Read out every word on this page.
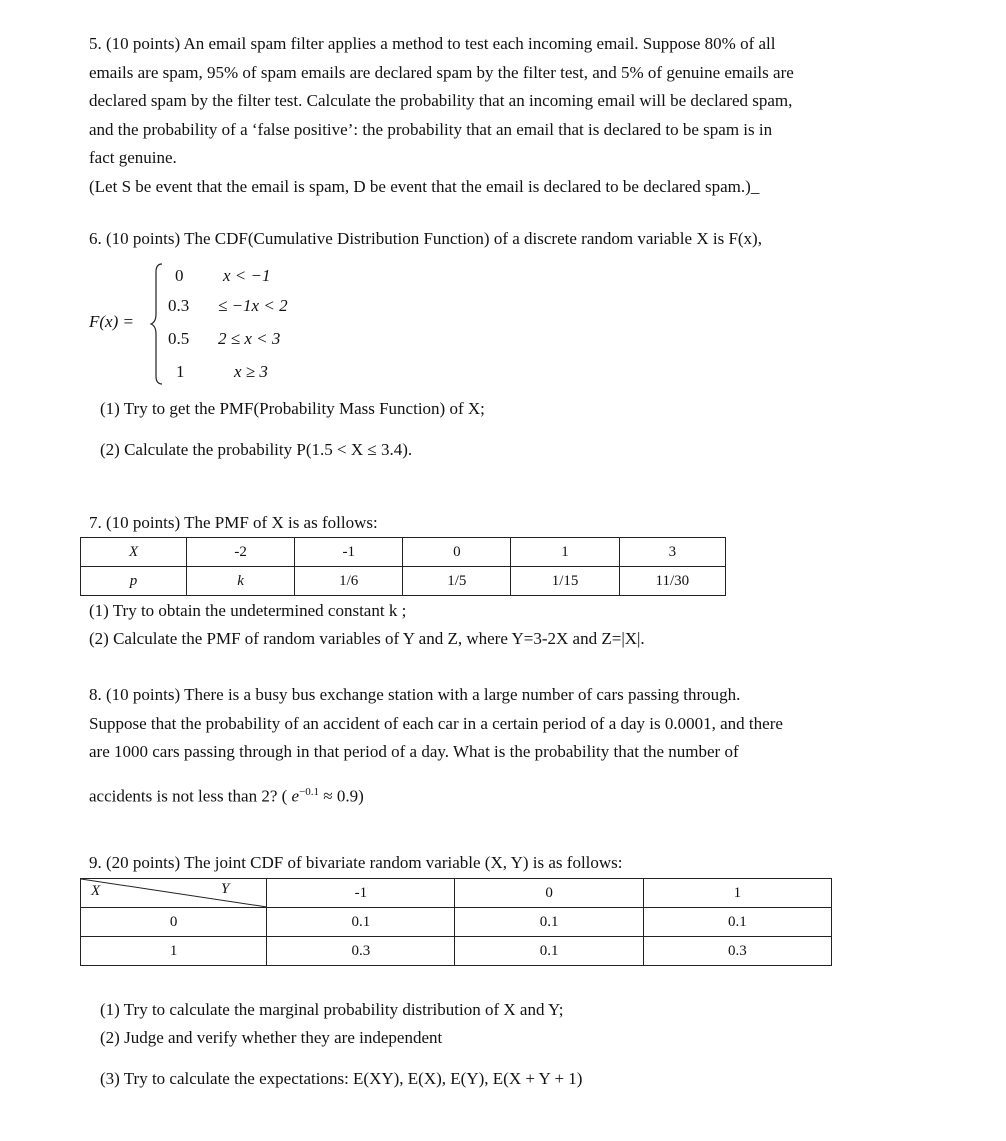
5. (10 points) An email spam filter applies a method to test each incoming email. Suppose 80% of all
emails are spam, 95% of spam emails are declared spam by the filter test, and 5% of genuine emails are
declared spam by the filter test. Calculate the probability that an incoming email will be declared spam,
and the probability of a ‘false positive’: the probability that an email that is declared to be spam is in
fact genuine.
(Let S be event that the email is spam, D be event that the email is declared to be declared spam.)_
6. (10 points) The CDF(Cumulative Distribution Function) of a discrete random variable X is F(x),
F(x) =
0 x < −1
0.3 ≤ −1x < 2
0.5 2 ≤ x < 3
1	x ≥ 3
(1) Try to get the PMF(Probability Mass Function) of X;
(2) Calculate the probability P(1.5 < X ≤ 3.4).
7. (10 points) The PMF of X is as follows:
X	-2	-1	0	1	3
p	k	1/6	1/5	1/15	11/30
(1) Try to obtain the undetermined constant k ;
(2) Calculate the PMF of random variables of Y and Z, where Y=3-2X and Z=|X|.
8. (10 points) There is a busy bus exchange station with a large number of cars passing through.
Suppose that the probability of an accident of each car in a certain period of a day is 0.0001, and there
are 1000 cars passing through in that period of a day. What is the probability that the number of
accidents is not less than 2? ( $e^{-0.1} \approx 0.9$)
9. (20 points) The joint CDF of bivariate random variable (X, Y) is as follows:
X Y	-1	0	1
0	0.1	0.1	0.1
1	0.3	0.1	0.3
(1) Try to calculate the marginal probability distribution of X and Y;
(2) Judge and verify whether they are independent
(3) Try to calculate the expectations: E(XY), E(X), E(Y), E(X + Y + 1)
